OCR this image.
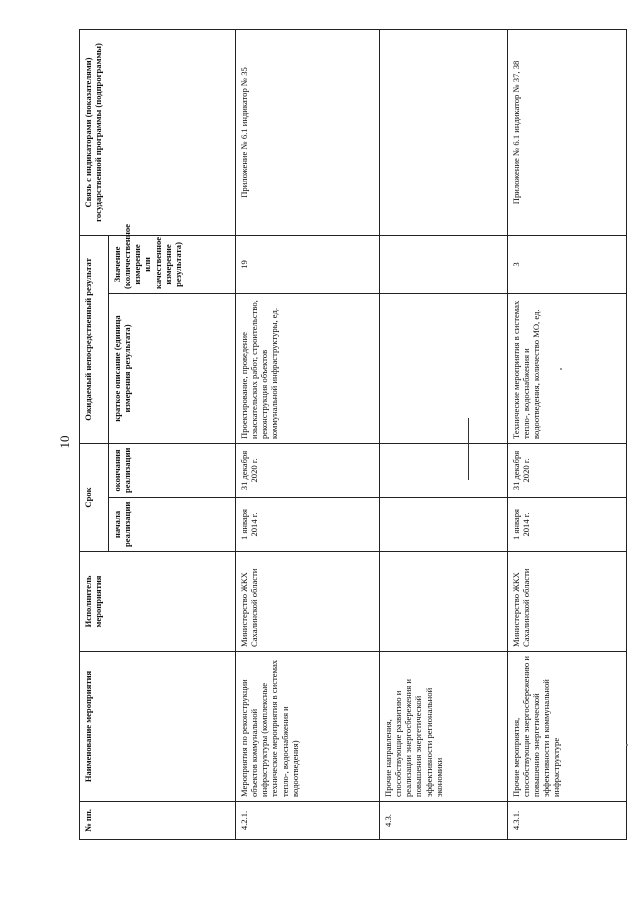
10
№ пп.	Наименование мероприятия	Исполнитель мероприятия	Срок		Ожидаемый непосредственный результат		Связь с индикаторами (показателями) государственной программы (подпрограммы)
			начала реализации	окончания реализации	краткое описание (единица измерения результата)	Значение (количественное измерение или качественное измерение результата)	
4.2.1.	Мероприятия по реконструкции объектов коммунальной инфраструктуры (комплексные технические мероприятия в системах тепло-, водоснабжения и водоотведения)	Министерство ЖКХ Сахалинской области	1 января 2014 г.	31 декабря 2020 г.	Проектирование, проведение изыскательских работ, строительство, реконструкция объектов коммунальной инфраструктуры, ед.	19	Приложение № 6.1 индикатор № 35
4.3.	Прочие направления, способствующие развитию и реализации энергосбережения и повышения энергетической эффективности региональной экономики						
4.3.1.	Прочие мероприятия, способствующие энергосбережению и повышению энергетической эффективности в коммунальной инфраструктуре	Министерство ЖКХ Сахалинской области	1 января 2014 г.	31 декабря 2020 г.	Технические мероприятия в системах тепло-, водоснабжения и водоотведения, количество МО, ед.	3	Приложение № 6.1 индикатор № 37, 38
